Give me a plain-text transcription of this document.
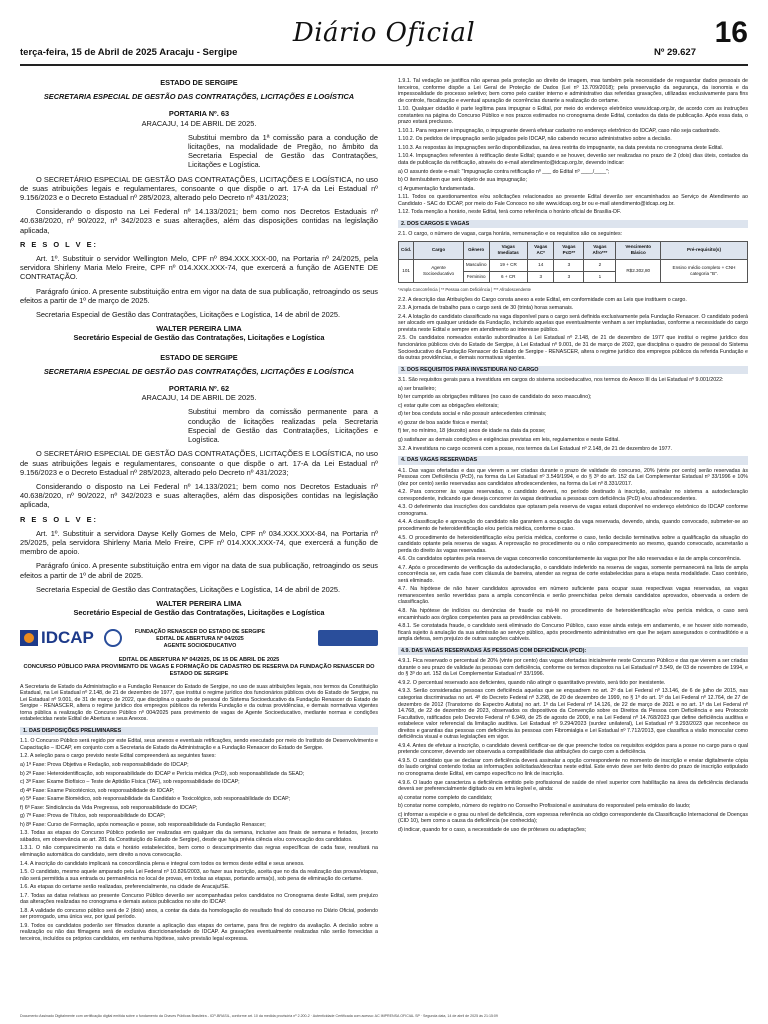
terça-feira, 15 de Abril de 2025 Aracaju - Sergipe
Diário Oficial
Nº 29.627
16

ESTADO DE SERGIPE

SECRETARIA ESPECIAL DE GESTÃO DAS CONTRATAÇÕES, LICITAÇÕES E LOGÍSTICA

PORTARIA Nº. 63

ARACAJU, 14 DE ABRIL DE 2025.

Substitui membro da 1ª comissão para a condução de licitações, na modalidade de Pregão, no âmbito da Secretaria Especial de Gestão das Contratações, Licitações e Logística.

O SECRETÁRIO ESPECIAL DE GESTÃO DAS CONTRATAÇÕES, LICITAÇÕES E LOGÍSTICA, no uso de suas atribuições legais e regulamentares, consoante o que dispõe o art. 17-A da Lei Estadual nº 9.156/2023 e o Decreto Estadual nº 285/2023, alterado pelo Decreto nº 431/2023;

Considerando o disposto na Lei Federal nº 14.133/2021; bem como nos Decretos Estaduais nº 40.638/2020, nº 90/2022, nº 342/2023 e suas alterações, além das disposições contidas na legislação aplicada,

R E S O L V E:

Art. 1º. Substituir o servidor Wellington Melo, CPF nº 894.XXX.XXX-00, na Portaria nº 24/2025, pela servidora Shirleny Maria Melo Freire, CPF nº 014.XXX.XXX-74, que exercerá a função de AGENTE DE CONTRATAÇÃO.

Parágrafo único. A presente substituição entra em vigor na data de sua publicação, retroagindo os seus efeitos a partir de 1º de março de 2025.

Secretaria Especial de Gestão das Contratações, Licitações e Logística, 14 de abril de 2025.

WALTER PEREIRA LIMA

Secretário Especial de Gestão das Contratações, Licitações e Logística

ESTADO DE SERGIPE

SECRETARIA ESPECIAL DE GESTÃO DAS CONTRATAÇÕES, LICITAÇÕES E LOGÍSTICA

PORTARIA Nº. 62

ARACAJU, 14 DE ABRIL DE 2025.

Substitui membro da comissão permanente para a condução de licitações realizadas pela Secretaria Especial de Gestão das Contratações, Licitações e Logística.

O SECRETÁRIO ESPECIAL DE GESTÃO DAS CONTRATAÇÕES, LICITAÇÕES E LOGÍSTICA, no uso de suas atribuições legais e regulamentares, consoante o que dispõe o art. 17-A da Lei Estadual nº 9.156/2023 e o Decreto Estadual nº 285/2023, alterado pelo Decreto nº 431/2023;

Considerando o disposto na Lei Federal nº 14.133/2021; bem como nos Decretos Estaduais nº 40.638/2020, nº 90/2022, nº 342/2023 e suas alterações, além das disposições contidas na legislação aplicada,

R E S O L V E:

Art. 1º. Substituir a servidora Dayse Kelly Gomes de Melo, CPF nº 034.XXX.XXX-84, na Portaria nº 25/2025, pela servidora Shirleny Maria Melo Freire, CPF nº 014.XXX.XXX-74, que exercerá a função de membro de apoio.

Parágrafo único. A presente substituição entra em vigor na data de sua publicação, retroagindo os seus efeitos a partir de 1º de abril de 2025.

Secretaria Especial de Gestão das Contratações, Licitações e Logística, 14 de abril de 2025.

WALTER PEREIRA LIMA

Secretário Especial de Gestão das Contratações, Licitações e Logística

IDCAP	FUNDAÇÃO RENASCER DO ESTADO DE SERGIPE
EDITAL DE ABERTURA Nº 04/2025
AGENTE SOCIOEDUCATIVO
EDITAL DE ABERTURA Nº 04/2025, DE 15 DE ABRIL DE 2025
CONCURSO PÚBLICO PARA PROVIMENTO DE VAGAS E FORMAÇÃO DE CADASTRO DE RESERVA DA FUNDAÇÃO RENASCER DO ESTADO DE SERGIPE

A Secretaria de Estado da Administração e a Fundação Renascer do Estado de Sergipe, no uso de suas atribuições legais, nos termos da Constituição Estadual, na Lei Estadual nº 2.148, de 21 de dezembro de 1977, que institui o regime jurídico dos funcionários públicos civis do Estado de Sergipe, na Lei Estadual nº 9.001, de 31 de março de 2022, que disciplina o quadro de pessoal do Sistema Socioeducativo da Fundação Renascer do Estado de Sergipe - RENASCER, altera o regime jurídico dos empregos públicos da referida Fundação e da outras providências, e demais normativas vigentes torna pública a realização do Concurso Público nº 004/2025 para provimento de vagas de Agente Socioeducativo, mediante normas e condições estabelecidas neste Edital de Abertura e seus Anexos.

1. DAS DISPOSIÇÕES PRELIMINARES

1.1. O Concurso Público será regido por este Edital, seus anexos e eventuais retificações, sendo executado por meio do Instituto de Desenvolvimento e Capacitação – IDCAP, em conjunto com a Secretaria de Estado da Administração e a Fundação Renascer do Estado de Sergipe.

1.2. A seleção para o cargo previsto neste Edital compreenderá as seguintes fases:

a) 1ª Fase: Prova Objetiva e Redação, sob responsabilidade do IDCAP;

b) 2ª Fase: Heteroidentificação, sob responsabilidade do IDCAP e Perícia médica (PcD), sob responsabilidade da SEAD;

c) 3ª Fase: Exame Biofísico – Teste de Aptidão Física (TAF), sob responsabilidade do IDCAP;

d) 4ª Fase: Exame Psicotécnico, sob responsabilidade do IDCAP;

e) 5ª Fase: Exame Biomédico, sob responsabilidade da Candidato e Toxicológico, sob responsabilidade do IDCAP;

f) 6ª Fase: Sindicância da Vida Pregressa, sob responsabilidade do IDCAP;

g) 7ª Fase: Prova de Títulos, sob responsabilidade do IDCAP;

h) 8ª Fase: Curso de Formação, após nomeação e posse, sob responsabilidade da Fundação Renascer;

1.3. Todas as etapas do Concurso Público poderão ser realizadas em qualquer dia da semana, inclusive aos finais de semana e feriados, (exceto sábados, em observância ao art. 281 da Constituição do Estado de Sergipe), desde que haja prévia ciência e/ou convocação dos candidatos.

1.3.1. O não comparecimento na data e horário estabelecidos, bem como o descumprimento das regras específicas de cada fase, resultará na eliminação automática do candidato, sem direito a nova convocação.

1.4. A inscrição do candidato implicará na concordância plena e integral com todos os termos deste edital e seus anexos.

1.5. O candidato, mesmo aquele amparado pela Lei Federal nº 10.826/2003, ao fazer sua inscrição, aceita que no dia da realização das provas/etapas, não será permitida a sua entrada ou permanência no local de provas, em todas as etapas, portando arma(s), sob pena de eliminação do certame.

1.6. As etapas do certame serão realizadas, preferencialmente, na cidade de Aracaju/SE.

1.7. Todas as datas relativas ao presente Concurso Público deverão ser acompanhadas pelos candidatos no Cronograma deste Edital, sem prejuízo das alterações realizadas no cronograma e demais avisos publicados no site do IDCAP.

1.8. A validade do concurso público será de 2 (dois) anos, a contar da data da homologação do resultado final do concurso no Diário Oficial, podendo ser prorrogado, uma única vez, por igual período.

1.9. Todos os candidatos poderão ser filmados durante a aplicação das etapas do certame, para fins de registro da avaliação. A decisão sobre a realização ou não das filmagens será de exclusiva discricionariedade do IDCAP. As gravações eventualmente realizadas não serão fornecidas a terceiros, incluídos os próprios candidatos, em nenhuma hipótese, salvo previsão legal expressa.

1.9.1. Tal vedação se justifica não apenas pela proteção ao direito de imagem, mas também pela necessidade de resguardar dados pessoais de terceiros, conforme dispõe a Lei Geral de Proteção de Dados (Lei nº 13.709/2018); pela preservação da segurança, da isonomia e da impessoalidade do processo seletivo; bem como pelo caráter interno e administrativo das referidas gravações, utilizadas exclusivamente para fins de controle, fiscalização e eventual apuração de ocorrências durante a realização do certame.

1.10. Qualquer cidadão é parte legítima para impugnar o Edital, por meio do endereço eletrônico www.idcap.org.br, de acordo com as instruções constantes na página do Concurso Público e nos prazos estimados no cronograma deste Edital, contados da data de publicação. Após essa data, o prazo estará preclusso.

1.10.1. Para requerer a impugnação, o impugnante deverá efetuar cadastro no endereço eletrônico do IDCAP, caso não seja cadastrado.

1.10.2. Os pedidos de impugnação serão julgados pelo IDCAP, não cabendo recurso administrativo sobre a decisão.

1.10.3. As respostas às impugnações serão disponibilizadas, na área restrita do impugnante, na data prevista no cronograma deste Edital.

1.10.4. Impugnações referentes à retificação deste Edital; quando e se houver, deverão ser realizadas no prazo de 2 (dois) dias úteis, contados da data de publicação da retificação, através do e-mail atendimento@idcap.org.br, devendo indicar:

a) O assunto deste e-mail: "Impugnação contra retificação nº ___ do Edital nº ____/____";

b) O item/subitem que será objeto de sua impugnação;

c) Argumentação fundamentada.

1.11. Todos os questionamentos e/ou solicitações relacionados ao presente Edital deverão ser encaminhados ao Serviço de Atendimento ao Candidato - SAC do IDCAP, por meio do Fale Conosco no site www.idcap.org.br ou e-mail atendimento@idcap.org.br.

1.12. Toda menção a horário, neste Edital, terá como referência o horário oficial de Brasília-DF.

2. DOS CARGOS E VAGAS

2.1. O cargo, o número de vagas, carga horária, remuneração e os requisitos são os seguintes:

Cód.	Cargo	Gênero	Vagas Imediatas	Vagas AC*	Vagas PcD**	Vagas Afro***	Vencimento Básico	Pré-requisito(s)
101	Agente Socioeducativo	Masculino	19 + CR	14	3	2	R$2.302,80	Ensino médio completo + CNH categoria "B".
		Feminino	6 + CR	3	3	1		
*Ampla Concorrência | ** Pessoa com Deficiência | *** Afrodescendente

2.2. A descrição das Atribuições do Cargo consta anexo a este Edital, em conformidade com as Leis que instituem o cargo.

2.3. A jornada de trabalho para o cargo será de 30 (trinta) horas semanais.

2.4. A lotação do candidato classificado na vaga disponível para o cargo será definida exclusivamente pela Fundação Renascer. O candidato poderá ser alocado em qualquer unidade da Fundação, incluindo aquelas que eventualmente venham a ser implantadas, conforme a necessidade do cargo prevista neste Edital e sempre em atendimento ao interesse público.

2.5. Os candidatos nomeados estarão subordinados à Lei Estadual nº 2.148, de 21 de dezembro de 1977 que institui o regime jurídico dos funcionários públicos civis do Estado de Sergipe, à Lei Estadual nº 9.001, de 31 de março de 2022, que disciplina o quadro de pessoal do Sistema Socioeducativo da Fundação Renascer do Estado de Sergipe - RENASCER, altera o regime jurídico dos empregos públicos da referida Fundação e da outras providências, e demais normativas vigentes.

3. DOS REQUISITOS PARA INVESTIDURA NO CARGO

3.1. São requisitos gerais para a investidura em cargos do sistema socioeducativo, nos termos do Anexo III da Lei Estadual nº 9.001/2022:

a) ser brasileiro;

b) ter cumprido as obrigações militares (no caso de candidato do sexo masculino);

c) estar quite com as obrigações eleitorais;

d) ter boa conduta social e não possuir antecedentes criminais;

e) gozar de boa saúde física e mental;

f) ter, no mínimo, 18 (dezoito) anos de idade na data da posse;

g) satisfazer as demais condições e exigências previstas em leis, regulamentos e neste Edital.

3.2. A investidura no cargo ocorrerá com a posse, nos termos da Lei Estadual nº 2.148, de 21 de dezembro de 1977.

4. DAS VAGAS RESERVADAS

4.1. Das vagas ofertadas e das que vierem a ser criadas durante o prazo de validade do concurso, 20% (vinte por cento) serão reservadas às Pessoas com Deficiência (PcD), na forma da Lei Estadual nº 3.549/1994, e do § 3º do art. 152 da Lei Complementar Estadual nº 33/1996 e 10% (dez por cento) serão reservadas aos candidatos afrodescendentes, na forma da Lei nº 8.331/2017.

4.2. Para concorrer às vagas reservadas, o candidato deverá, no período destinado à inscrição, assinalar no sistema a autodeclaração correspondente, indicando que deseja concorrer às vagas destinadas a pessoas com deficiência (PcD) e/ou afrodescendentes.

4.3. O deferimento das inscrições dos candidatos que optaram pela reserva de vagas estará disponível no endereço eletrônico do IDCAP conforme cronograma.

4.4. A classificação e aprovação do candidato não garantem a ocupação da vaga reservada, devendo, ainda, quando convocado, submeter-se ao procedimento de heteroidentificação e/ou perícia médica, conforme o caso.

4.5. O procedimento de heteroidentificação e/ou perícia médica, conforme o caso, terão decisão terminativa sobre a qualificação da situação do candidato optante pela reserva de vagas. A reprovação no procedimento ou o não comparecimento ao mesmo, quando convocado, acarretarão a perda do direito às vagas reservadas.

4.6. Os candidatos optantes pela reserva de vagas concorrerão concomitantemente às vagas por lhe são reservadas e às de ampla concorrência.

4.7. Após o procedimento de verificação da autodeclaração, o candidato indeferido na reserva de vagas, somente permanecerá na lista de ampla concorrência se, em cada fase com cláusula de barreira, atender as regras de corte estabelecidas para a etapa nesta modalidade. Caso contrário, será eliminado.

4.7. Na hipótese de não haver candidatos aprovados em número suficiente para ocupar suas respectivas vagas reservadas, as vagas remanescentes serão revertidas para a ampla concorrência e serão preenchidas pelos demais candidatos aprovados, observada a ordem de classificação.

4.8. Na hipótese de indícios ou denúncias de fraude ou má-fé no procedimento de heteroidentificação e/ou perícia médica, o caso será encaminhado aos órgãos competentes para as providências cabíveis.

4.8.1. Se constatada fraude, o candidato será eliminado do Concurso Público, caso esse ainda esteja em andamento, e se houver sido nomeado, ficará sujeito à anulação da sua admissão ao serviço público, após procedimento administrativo em que lhe sejam assegurados o contraditório e a ampla defesa, sem prejuízo de outras sanções cabíveis.

4.9. DAS VAGAS RESERVADAS ÀS PESSOAS COM DEFICIÊNCIA (PCD):

4.9.1. Fica reservado o percentual de 20% (vinte por cento) das vagas ofertadas inicialmente neste Concurso Público e das que vierem a ser criadas durante o seu prazo de validade às pessoas com deficiência, conforme os termos dispostos na Lei Estadual nº 3.549, de 03 de novembro de 1994, e do § 3º do art. 152 da Lei Complementar Estadual nº 33/1996.

4.9.2. O percentual reservado aos deficientes, quando não atingir o quantitativo previsto, será tido por inexistente.

4.9.3. Serão consideradas pessoas com deficiência aquelas que se enquadrem no art. 2º da Lei Federal nº 13.146, de 6 de julho de 2015, nas categorias discriminadas no art. 4º do Decreto Federal nº 3.298, de 20 de dezembro de 1999, no § 1º do art. 1º da Lei Federal nº 12.764, de 27 de dezembro de 2012 (Transtorno do Espectro Autista) no art. 1º da Lei Federal nº 14.126, de 22 de março de 2021 e no art. 1º da Lei Federal nº 14.768, de 22 de dezembro de 2023, observados os dispositivos da Convenção sobre os Direitos da Pessoa com Deficiência e seu Protocolo Facultativo, ratificados pelo Decreto Federal nº 6.949, de 25 de agosto de 2009, e na Lei Federal nº 14.768/2023 que define deficiência auditiva e estabelece valor referencial da limitação auditiva. Lei Estadual nº 9.294/2023 (surdez unilateral), Lei Estadual nº 9.293/2023 que reconhece os direitos e garantias das pessoas com deficiência às pessoas com Fibromialgia e Lei Estadual nº 7.712/2013, que classifica a visão monocular como deficiência visual e outras legislações em vigor.

4.9.4. Antes de efetuar a inscrição, o candidato deverá certificar-se de que preenche todos os requisitos exigidos para a posse no cargo para o qual pretende concorrer, devendo ser observada a compatibilidade das atribuições do cargo com a deficiência.

4.9.5. O candidato que se declarar com deficiência deverá assinalar a opção correspondente no momento de inscrição e enviar digitalmente cópia do laudo original contendo todas as informações solicitadas/descritas neste edital. Este envio deve ser feito dentro do prazo de inscrição estipulado no cronograma deste Edital, em campo específico no link de inscrição.

4.9.6. O laudo que caracteriza a deficiência emitido pelo profissional de saúde de nível superior com habilitação na área da deficiência declarada deverá ser preferencialmente digitado ou em letra legível e, ainda:

a) constar nome completo do candidato;

b) constar nome completo, número do registro no Conselho Profissional e assinatura do responsável pela emissão do laudo;

c) informar a espécie e o grau ou nível de deficiência, com expressa referência ao código correspondente da Classificação Internacional de Doenças (CID 10), bem como a causa da deficiência (se conhecida);

d) indicar, quando for o caso, a necessidade de uso de próteses ou adaptações;

Documento Assinado Digitalmente com certificação digital emitida sobre o fundamento da Chaves Públicas Brasileira - ICP-BRASIL, conforme art. 10 da medida provisória nº 2.200-2 · Autenticidade Certificada com acesso: AC IMPRENSA OFICIAL SP · Segunda data, 14 de abril de 2025 às 21:15:09
